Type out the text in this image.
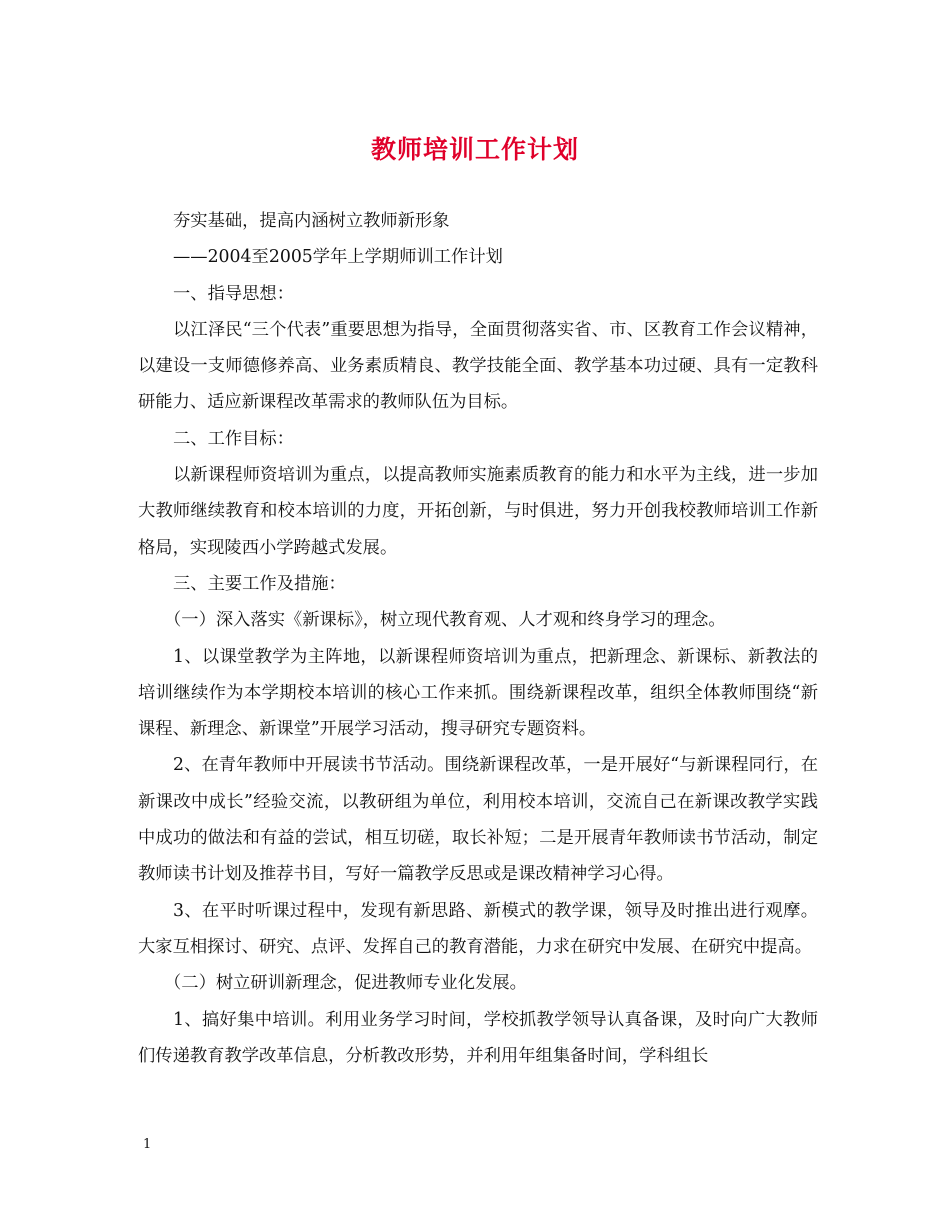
教师培训工作计划

夯实基础，提高内涵树立教师新形象

——2004至2005学年上学期师训工作计划

一、指导思想：

以江泽民“三个代表”重要思想为指导，全面贯彻落实省、市、区教育工作会议精神，以建设一支师德修养高、业务素质精良、教学技能全面、教学基本功过硬、具有一定教科研能力、适应新课程改革需求的教师队伍为目标。

二、工作目标：

以新课程师资培训为重点，以提高教师实施素质教育的能力和水平为主线，进一步加大教师继续教育和校本培训的力度，开拓创新，与时俱进，努力开创我校教师培训工作新格局，实现陵西小学跨越式发展。

三、主要工作及措施：

（一）深入落实《新课标》，树立现代教育观、人才观和终身学习的理念。

1、以课堂教学为主阵地，以新课程师资培训为重点，把新理念、新课标、新教法的培训继续作为本学期校本培训的核心工作来抓。围绕新课程改革，组织全体教师围绕“新课程、新理念、新课堂”开展学习活动，搜寻研究专题资料。

2、在青年教师中开展读书节活动。围绕新课程改革，一是开展好“与新课程同行，在新课改中成长”经验交流，以教研组为单位，利用校本培训，交流自己在新课改教学实践中成功的做法和有益的尝试，相互切磋，取长补短；二是开展青年教师读书节活动，制定教师读书计划及推荐书目，写好一篇教学反思或是课改精神学习心得。

3、在平时听课过程中，发现有新思路、新模式的教学课，领导及时推出进行观摩。大家互相探讨、研究、点评、发挥自己的教育潜能，力求在研究中发展、在研究中提高。

（二）树立研训新理念，促进教师专业化发展。

1、搞好集中培训。利用业务学习时间，学校抓教学领导认真备课，及时向广大教师们传递教育教学改革信息，分析教改形势，并利用年组集备时间，学科组长

1
